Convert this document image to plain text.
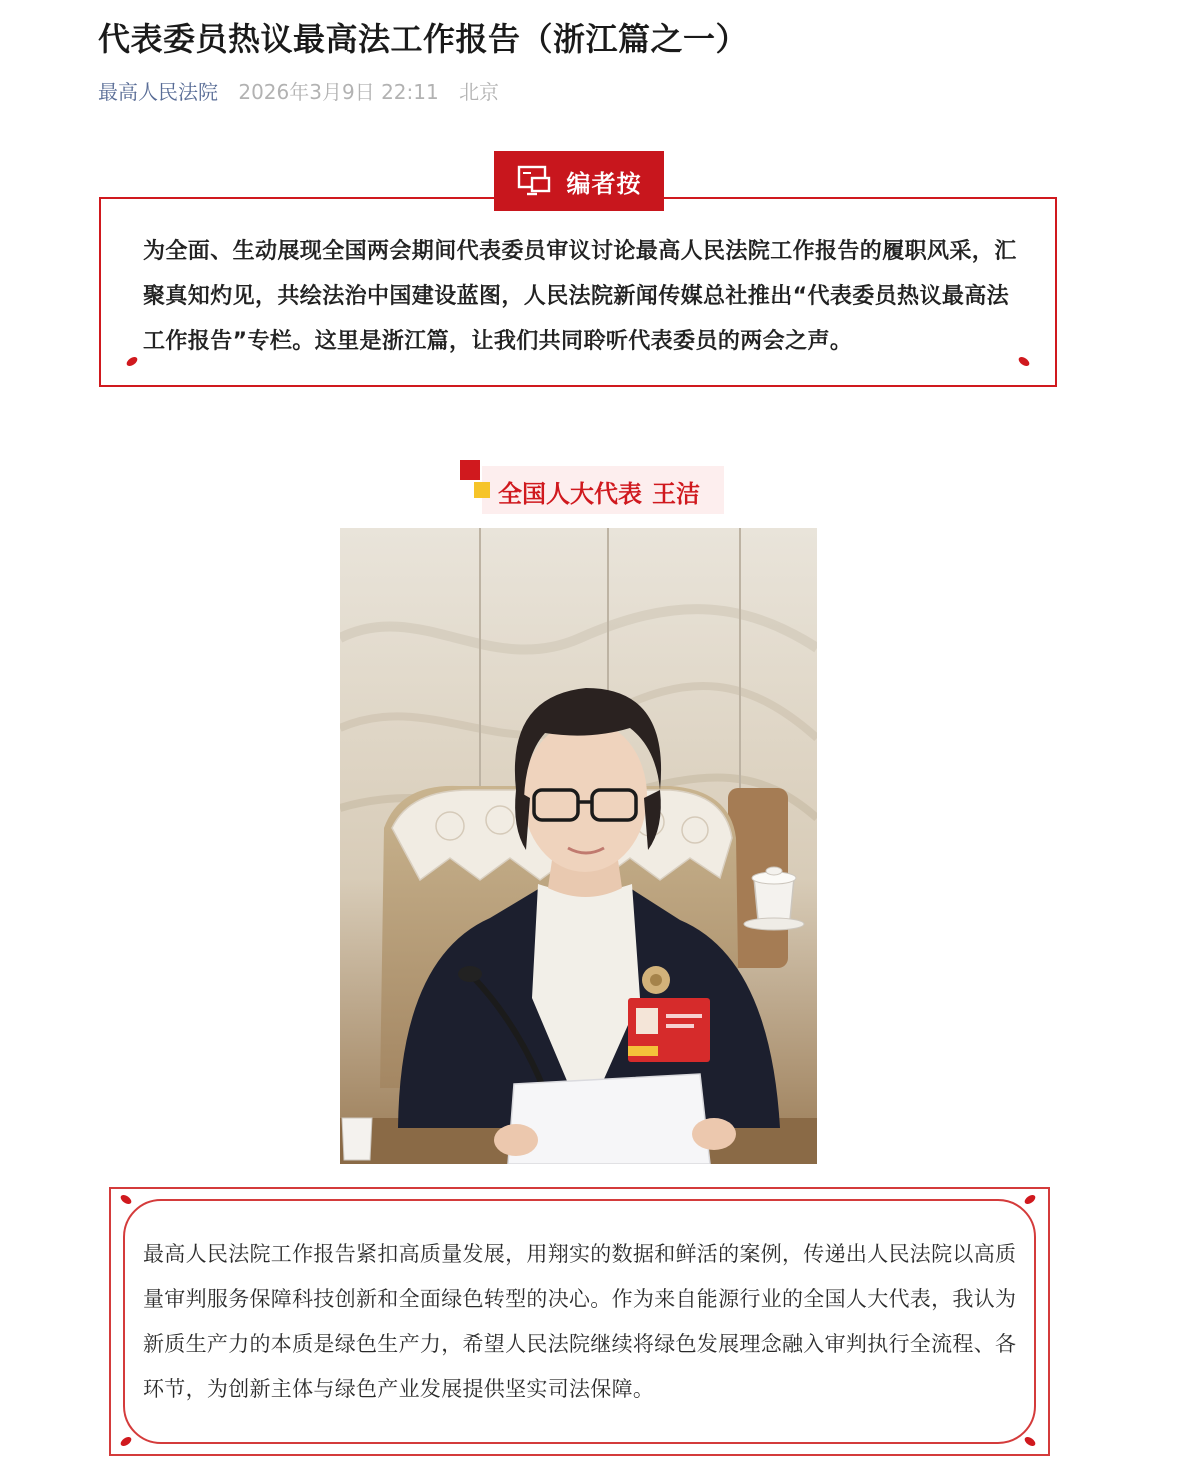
代表委员热议最高法工作报告（浙江篇之一）
最高人民法院 2026年3月9日 22:11 北京
编者按

为全面、生动展现全国两会期间代表委员审议讨论最高人民法院工作报告的履职风采，汇聚真知灼见，共绘法治中国建设蓝图，人民法院新闻传媒总社推出“代表委员热议最高法工作报告”专栏。这里是浙江篇，让我们共同聆听代表委员的两会之声。

全国人大代表 王洁

最高人民法院工作报告紧扣高质量发展，用翔实的数据和鲜活的案例，传递出人民法院以高质量审判服务保障科技创新和全面绿色转型的决心。作为来自能源行业的全国人大代表，我认为新质生产力的本质是绿色生产力，希望人民法院继续将绿色发展理念融入审判执行全流程、各环节，为创新主体与绿色产业发展提供坚实司法保障。
